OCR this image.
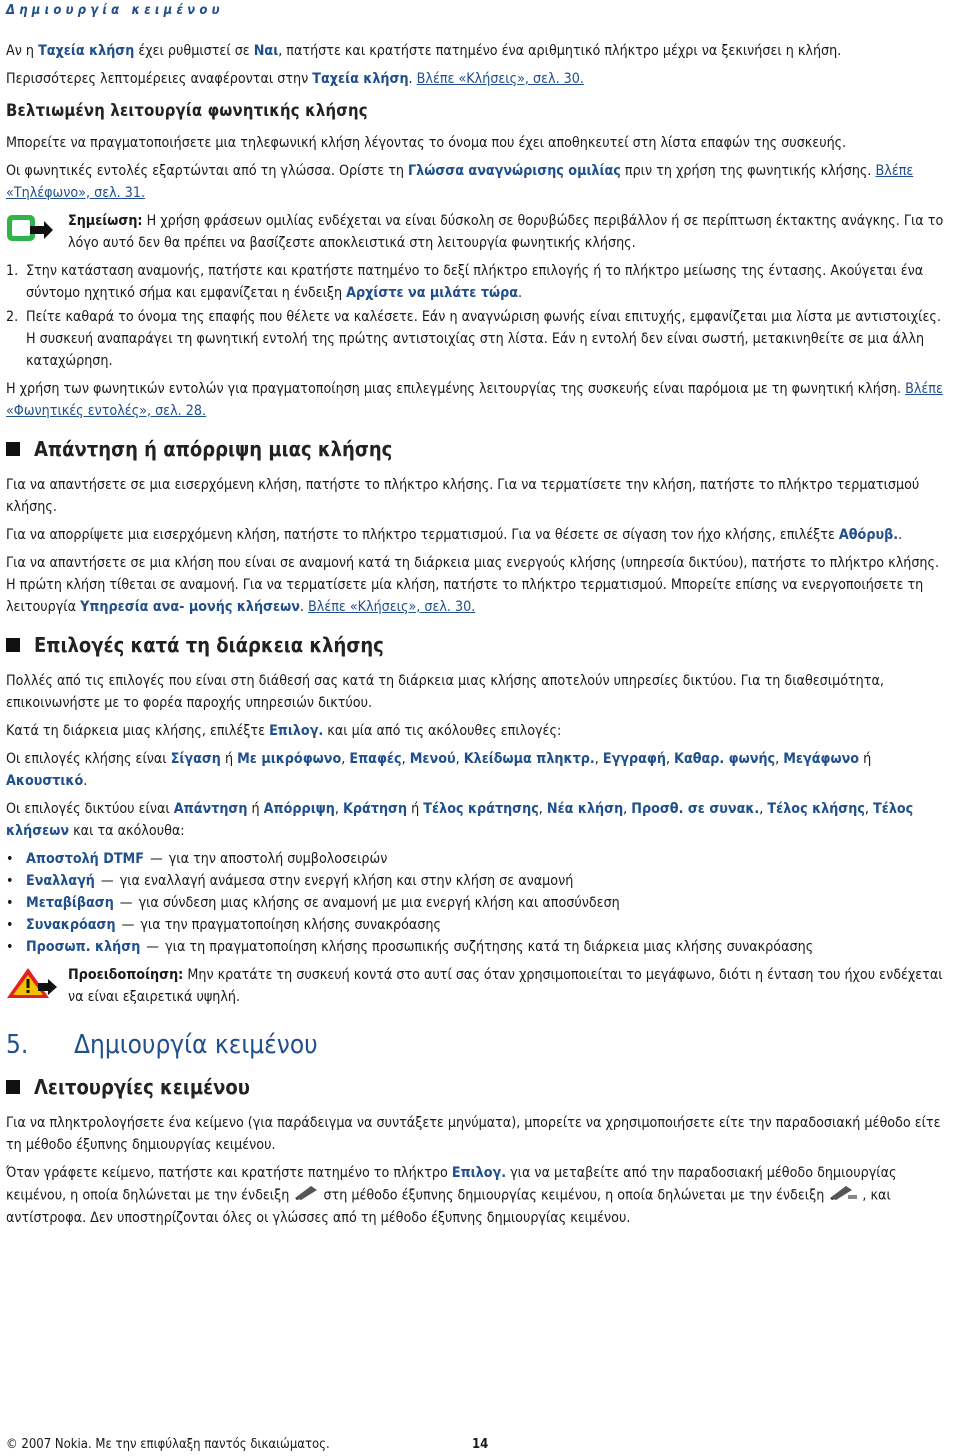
Δημιουργία κειμένου

Αν η Ταχεία κλήση έχει ρυθμιστεί σε Ναι, πατήστε και κρατήστε πατημένο ένα αριθμητικό πλήκτρο μέχρι να ξεκινήσει η κλήση.

Περισσότερες λεπτομέρειες αναφέρονται στην Ταχεία κλήση. Βλέπε «Κλήσεις», σελ. 30.

Βελτιωμένη λειτουργία φωνητικής κλήσης

Μπορείτε να πραγματοποιήσετε μια τηλεφωνική κλήση λέγοντας το όνομα που έχει αποθηκευτεί στη λίστα επαφών της συσκευής.

Οι φωνητικές εντολές εξαρτώνται από τη γλώσσα. Ορίστε τη Γλώσσα αναγνώρισης ομιλίας πριν τη χρήση της φωνητικής κλήσης. Βλέπε «Τηλέφωνο», σελ. 31.

Σημείωση: Η χρήση φράσεων ομιλίας ενδέχεται να είναι δύσκολη σε θορυβώδες περιβάλλον ή σε περίπτωση έκτακτης ανάγκης. Για το λόγο αυτό δεν θα πρέπει να βασίζεστε αποκλειστικά στη λειτουργία φωνητικής κλήσης.
1. Στην κατάσταση αναμονής, πατήστε και κρατήστε πατημένο το δεξί πλήκτρο επιλογής ή το πλήκτρο μείωσης της έντασης. Ακούγεται ένα σύντομο ηχητικό σήμα και εμφανίζεται η ένδειξη Αρχίστε να μιλάτε τώρα.
2. Πείτε καθαρά το όνομα της επαφής που θέλετε να καλέσετε. Εάν η αναγνώριση φωνής είναι επιτυχής, εμφανίζεται μια λίστα με αντιστοιχίες. Η συσκευή αναπαράγει τη φωνητική εντολή της πρώτης αντιστοιχίας στη λίστα. Εάν η εντολή δεν είναι σωστή, μετακινηθείτε σε μια άλλη καταχώρηση.

Η χρήση των φωνητικών εντολών για πραγματοποίηση μιας επιλεγμένης λειτουργίας της συσκευής είναι παρόμοια με τη φωνητική κλήση. Βλέπε «Φωνητικές εντολές», σελ. 28.

Απάντηση ή απόρριψη μιας κλήσης

Για να απαντήσετε σε μια εισερχόμενη κλήση, πατήστε το πλήκτρο κλήσης. Για να τερματίσετε την κλήση, πατήστε το πλήκτρο τερματισμού κλήσης.

Για να απορρίψετε μια εισερχόμενη κλήση, πατήστε το πλήκτρο τερματισμού. Για να θέσετε σε σίγαση τον ήχο κλήσης, επιλέξτε Αθόρυβ..

Για να απαντήσετε σε μια κλήση που είναι σε αναμονή κατά τη διάρκεια μιας ενεργούς κλήσης (υπηρεσία δικτύου), πατήστε το πλήκτρο κλήσης. Η πρώτη κλήση τίθεται σε αναμονή. Για να τερματίσετε μία κλήση, πατήστε το πλήκτρο τερματισμού. Μπορείτε επίσης να ενεργοποιήσετε τη λειτουργία Υπηρεσία ανα- μονής κλήσεων. Βλέπε «Κλήσεις», σελ. 30.

Επιλογές κατά τη διάρκεια κλήσης

Πολλές από τις επιλογές που είναι στη διάθεσή σας κατά τη διάρκεια μιας κλήσης αποτελούν υπηρεσίες δικτύου. Για τη διαθεσιμότητα, επικοινωνήστε με το φορέα παροχής υπηρεσιών δικτύου.

Κατά τη διάρκεια μιας κλήσης, επιλέξτε Επιλογ. και μία από τις ακόλουθες επιλογές:

Οι επιλογές κλήσης είναι Σίγαση ή Με μικρόφωνο, Επαφές, Μενού, Κλείδωμα πληκτρ., Εγγραφή, Καθαρ. φωνής, Μεγάφωνο ή Ακουστικό.

Οι επιλογές δικτύου είναι Απάντηση ή Απόρριψη, Κράτηση ή Τέλος κράτησης, Νέα κλήση, Προσθ. σε συνακ., Τέλος κλήσης, Τέλος κλήσεων και τα ακόλουθα:

• Αποστολή DTMF — για την αποστολή συμβολοσειρών
• Εναλλαγή — για εναλλαγή ανάμεσα στην ενεργή κλήση και στην κλήση σε αναμονή
• Μεταβίβαση — για σύνδεση μιας κλήσης σε αναμονή με μια ενεργή κλήση και αποσύνδεση
• Συνακρόαση — για την πραγματοποίηση κλήσης συνακρόασης
• Προσωπ. κλήση — για τη πραγματοποίηση κλήσης προσωπικής συζήτησης κατά τη διάρκεια μιας κλήσης συνακρόασης
Προειδοποίηση: Μην κρατάτε τη συσκευή κοντά στο αυτί σας όταν χρησιμοποιείται το μεγάφωνο, διότι η ένταση του ήχου ενδέχεται να είναι εξαιρετικά υψηλή.
5.	Δημιουργία κειμένου
Λειτουργίες κειμένου

Για να πληκτρολογήσετε ένα κείμενο (για παράδειγμα να συντάξετε μηνύματα), μπορείτε να χρησιμοποιήσετε είτε την παραδοσιακή μέθοδο είτε τη μέθοδο έξυπνης δημιουργίας κειμένου.

Όταν γράφετε κείμενο, πατήστε και κρατήστε πατημένο το πλήκτρο Επιλογ. για να μεταβείτε από την παραδοσιακή μέθοδο δημιουργίας κειμένου, η οποία δηλώνεται με την ένδειξη  στη μέθοδο έξυπνης δημιουργίας κειμένου, η οποία δηλώνεται με την ένδειξη  , και αντίστροφα. Δεν υποστηρίζονται όλες οι γλώσσες από τη μέθοδο έξυπνης δημιουργίας κειμένου.

© 2007 Nokia. Με την επιφύλαξη παντός δικαιώματος.	14
